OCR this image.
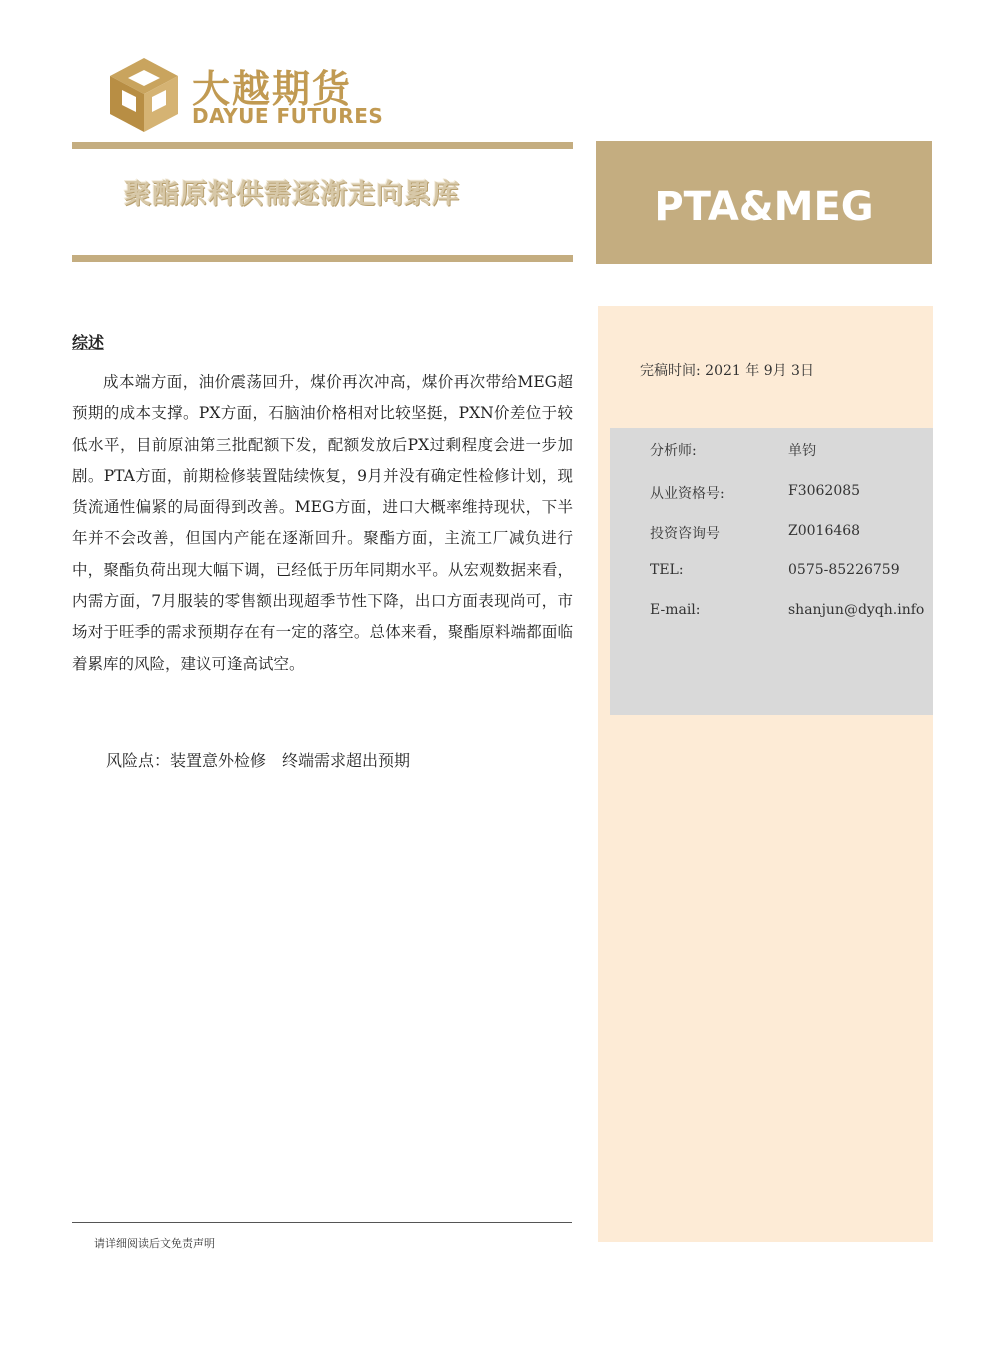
大越期货
DAYUE FUTURES
聚酯原料供需逐渐走向累库	PTA&MEG
完稿时间: 2021 年 9月 3日
分析师:	单钧
从业资格号:	F3062085
投资咨询号	Z0016468
TEL:	0575-85226759
E-mail:	shanjun@dyqh.info
综述

成本端方面，油价震荡回升，煤价再次冲高，煤价再次带给MEG超预期的成本支撑。PX方面，石脑油价格相对比较坚挺，PXN价差位于较低水平，目前原油第三批配额下发，配额发放后PX过剩程度会进一步加剧。PTA方面，前期检修装置陆续恢复，9月并没有确定性检修计划，现货流通性偏紧的局面得到改善。MEG方面，进口大概率维持现状，下半年并不会改善，但国内产能在逐渐回升。聚酯方面，主流工厂减负进行中，聚酯负荷出现大幅下调，已经低于历年同期水平。从宏观数据来看，内需方面，7月服装的零售额出现超季节性下降，出口方面表现尚可，市场对于旺季的需求预期存在有一定的落空。总体来看，聚酯原料端都面临着累库的风险，建议可逢高试空。

风险点：装置意外检修　终端需求超出预期
请详细阅读后文免责声明
